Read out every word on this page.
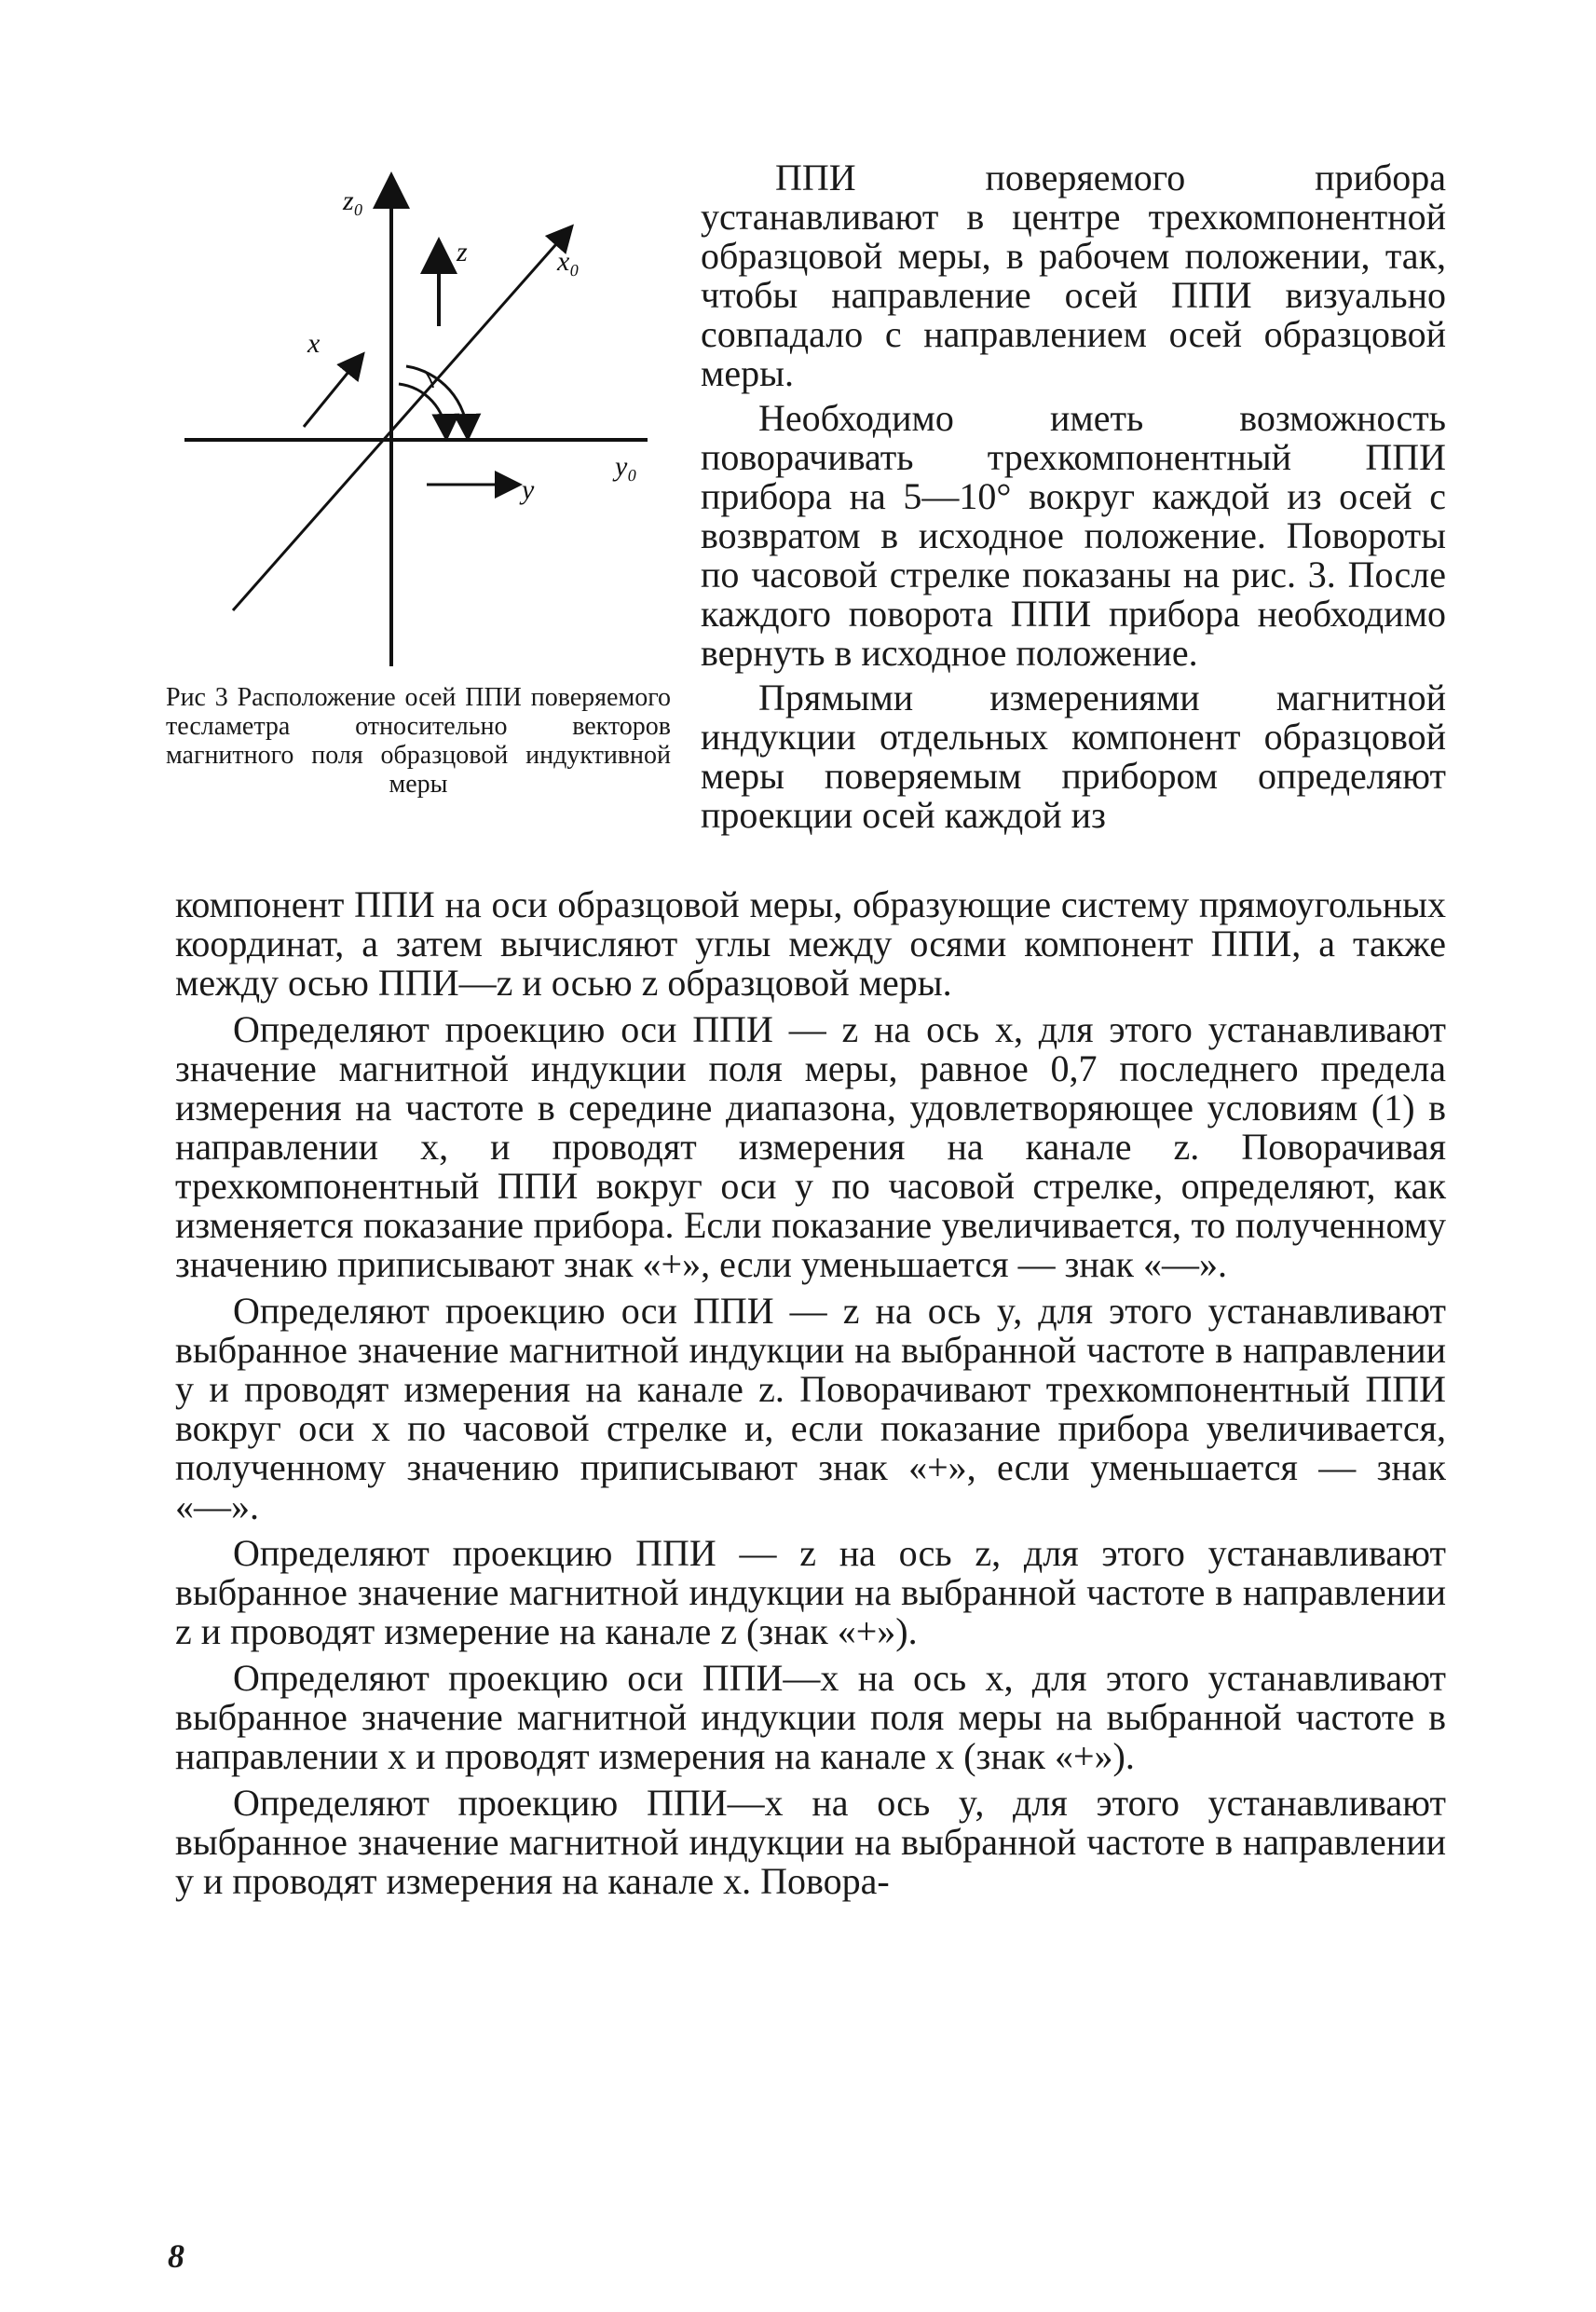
z₀
z	x₀
x
y
y₀
Рис 3 Расположение осей ППИ поверяемого тесламетра относительно векторов магнитного поля образцовой индуктивной меры

ППИ поверяемого прибора устанавливают в центре трехкомпонентной образцовой меры, в рабочем положении, так, чтобы направление осей ППИ визуально совпадало с направлением осей образцовой меры.

Необходимо иметь возможность поворачивать трехкомпонентный ППИ прибора на 5—10° вокруг каждой из осей с возвратом в исходное положение. Повороты по часовой стрелке показаны на рис. 3. После каждого поворота ППИ прибора необходимо вернуть в исходное положение.

Прямыми измерениями магнитной индукции отдельных компонент образцовой меры поверяемым прибором определяют проекции осей каждой из

компонент ППИ на оси образцовой меры, образующие систему прямоугольных координат, а затем вычисляют углы между осями компонент ППИ, а также между осью ППИ—z и осью z образцовой меры.

Определяют проекцию оси ППИ — z на ось x, для этого устанавливают значение магнитной индукции поля меры, равное 0,7 последнего предела измерения на частоте в середине диапазона, удовлетворяющее условиям (1) в направлении x, и проводят измерения на канале z. Поворачивая трехкомпонентный ППИ вокруг оси y по часовой стрелке, определяют, как изменяется показание прибора. Если показание увеличивается, то полученному значению приписывают знак «+», если уменьшается — знак «—».

Определяют проекцию оси ППИ — z на ось y, для этого устанавливают выбранное значение магнитной индукции на выбранной частоте в направлении y и проводят измерения на канале z. Поворачивают трехкомпонентный ППИ вокруг оси x по часовой стрелке и, если показание прибора увеличивается, полученному значению приписывают знак «+», если уменьшается — знак «—».

Определяют проекцию ППИ — z на ось z, для этого устанавливают выбранное значение магнитной индукции на выбранной частоте в направлении z и проводят измерение на канале z (знак «+»).

Определяют проекцию оси ППИ—x на ось x, для этого устанавливают выбранное значение магнитной индукции поля меры на выбранной частоте в направлении x и проводят измерения на канале x (знак «+»).

Определяют проекцию ППИ—x на ось y, для этого устанавливают выбранное значение магнитной индукции на выбранной частоте в направлении y и проводят измерения на канале x. Повора-

8
